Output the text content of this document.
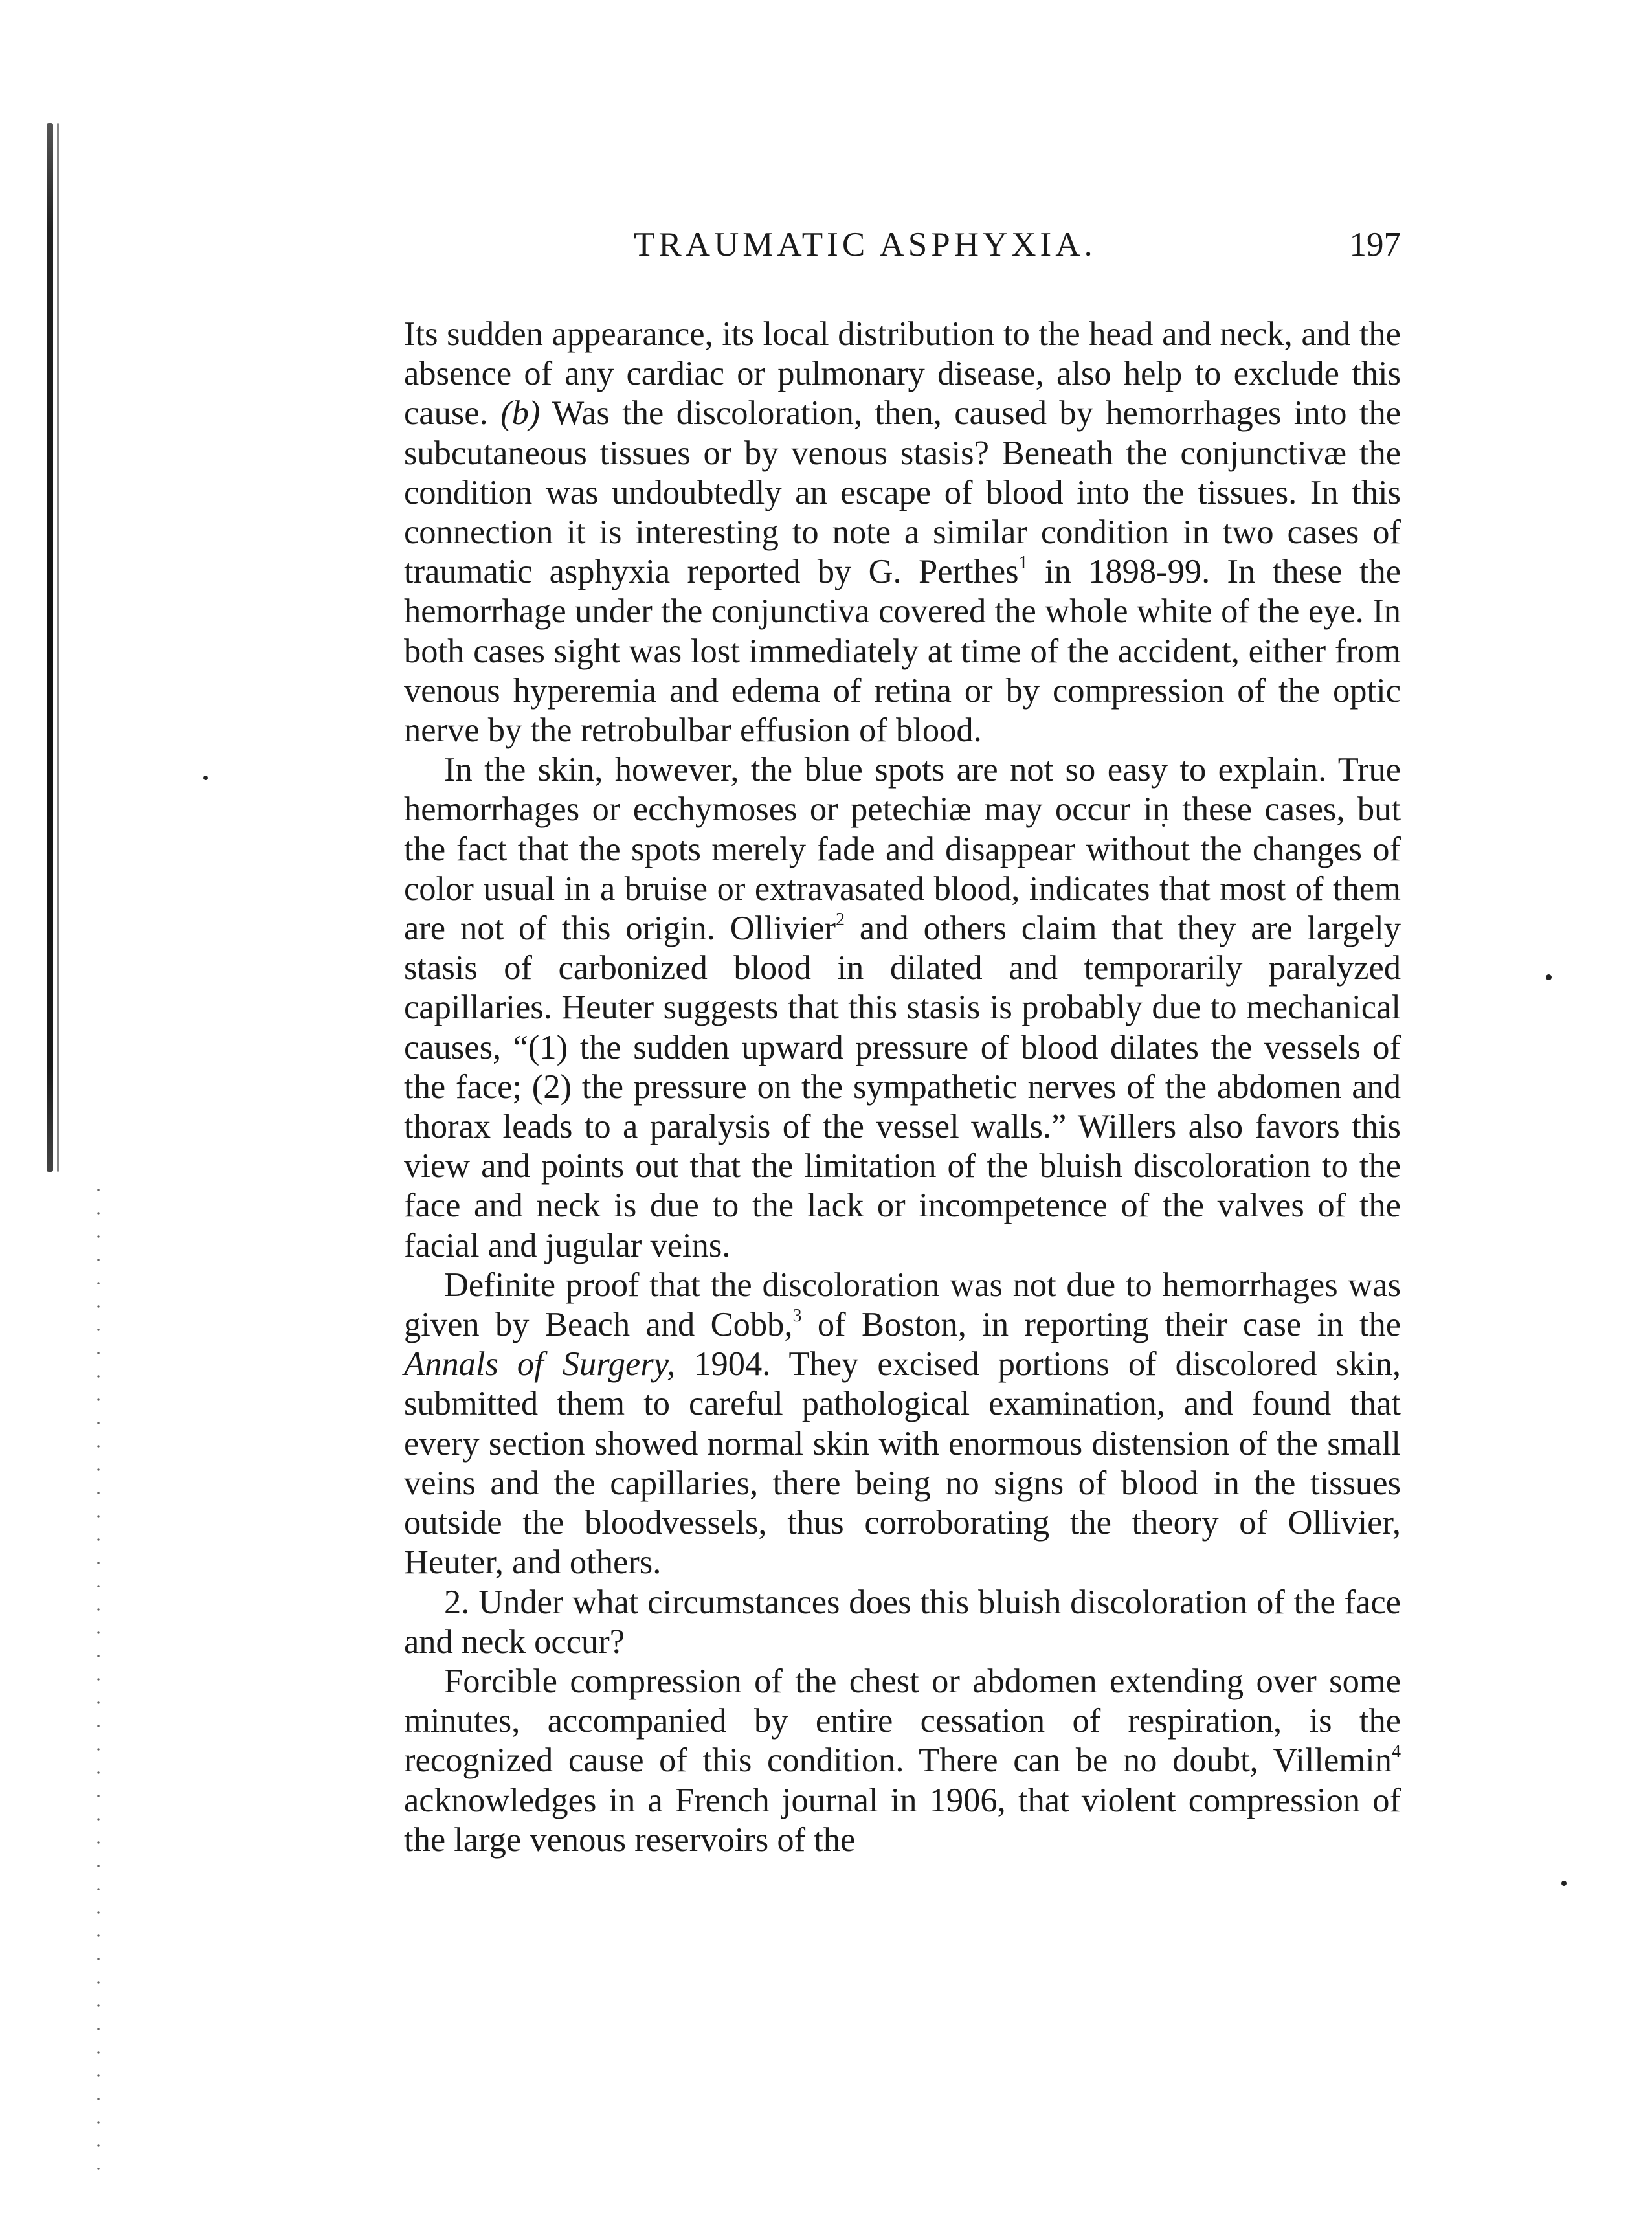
TRAUMATIC ASPHYXIA.	197

Its sudden appearance, its local distribution to the head and neck, and the absence of any cardiac or pulmonary disease, also help to exclude this cause. (b) Was the discoloration, then, caused by hemorrhages into the subcutaneous tissues or by venous stasis? Beneath the conjunctivæ the condition was undoubtedly an escape of blood into the tissues. In this connection it is interesting to note a similar condition in two cases of traumatic asphyxia reported by G. Perthes$^1$ in 1898-99. In these the hemorrhage under the conjunctiva covered the whole white of the eye. In both cases sight was lost immediately at time of the accident, either from venous hyperemia and edema of retina or by compression of the optic nerve by the retrobulbar effusion of blood.

In the skin, however, the blue spots are not so easy to explain. True hemorrhages or ecchymoses or petechiæ may occur in these cases, but the fact that the spots merely fade and disappear without the changes of color usual in a bruise or extravasated blood, indicates that most of them are not of this origin. Ollivier$^2$ and others claim that they are largely stasis of carbonized blood in dilated and temporarily paralyzed capillaries. Heuter suggests that this stasis is probably due to mechanical causes, “(1) the sudden upward pressure of blood dilates the vessels of the face; (2) the pressure on the sympathetic nerves of the abdomen and thorax leads to a paralysis of the vessel walls.” Willers also favors this view and points out that the limitation of the bluish discoloration to the face and neck is due to the lack or incompetence of the valves of the facial and jugular veins.

Definite proof that the discoloration was not due to hemorrhages was given by Beach and Cobb,$^3$ of Boston, in reporting their case in the Annals of Surgery, 1904. They excised portions of discolored skin, submitted them to careful pathological examination, and found that every section showed normal skin with enormous distension of the small veins and the capillaries, there being no signs of blood in the tissues outside the bloodvessels, thus corroborating the theory of Ollivier, Heuter, and others.

2. Under what circumstances does this bluish discoloration of the face and neck occur?

Forcible compression of the chest or abdomen extending over some minutes, accompanied by entire cessation of respiration, is the recognized cause of this condition. There can be no doubt, Villemin$^4$ acknowledges in a French journal in 1906, that violent compression of the large venous reservoirs of the
